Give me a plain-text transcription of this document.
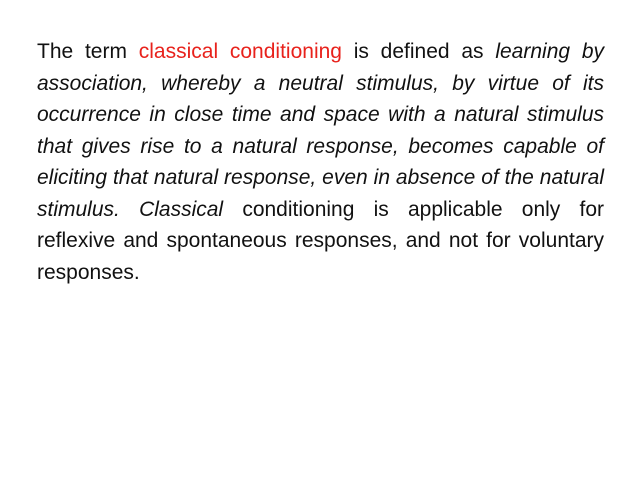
The term classical conditioning is defined as learning by association, whereby a neutral stimulus, by virtue of its occurrence in close time and space with a natural stimulus that gives rise to a natural response, becomes capable of eliciting that natural response, even in absence of the natural stimulus. Classical conditioning is applicable only for reflexive and spontaneous responses, and not for voluntary responses.
